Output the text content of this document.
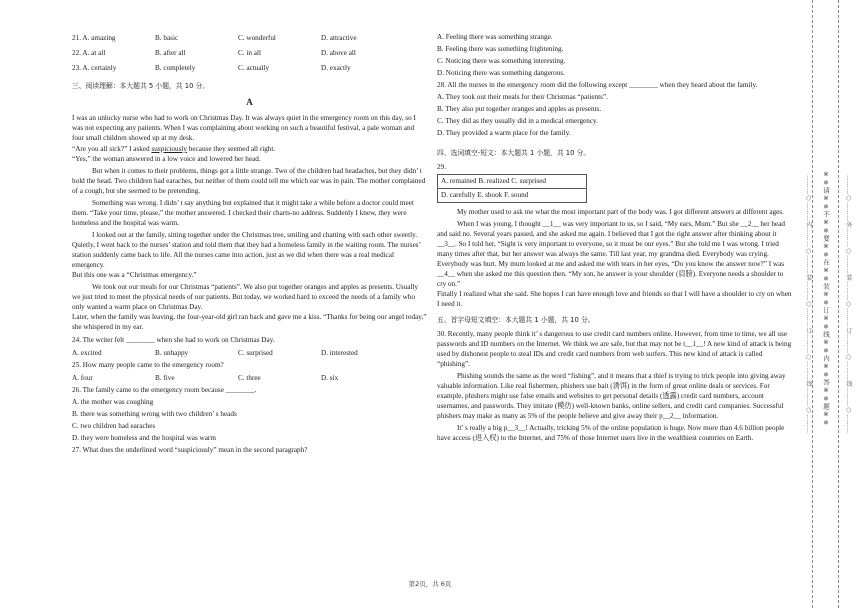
21. A. amazing	B. basic	C. wonderful	D. attractive
22. A. at all	B. after all	C. in all	D. above all
23. A. certainly	B. completely	C. actually	D. exactly
三、阅读理解：本大题共 5 小题，共 10 分。
A
I was an unlucky nurse who had to work on Christmas Day. It was always quiet in the emergency room on this day, so I was not expecting any patients. When I was complaining about working on such a beautiful festival, a pale woman and four small children showed up at my desk.
“Are you all sick?” I asked suspiciously because they seemed all right.
“Yes,” the woman answered in a low voice and lowered her head.
But when it comes to their problems, things got a little strange. Two of the children had headaches, but they didn’ t hold the head. Two children had earaches, but neither of them could tell me which ear was in pain. The mother complained of a cough, but she seemed to be pretending.
Something was wrong. I didn’ t say anything but explained that it might take a while before a doctor could meet them. “Take your time, please,” the mother answered. I checked their charts-no address. Suddenly I knew, they were homeless and the hospital was warm.
I looked out at the family, sitting together under the Christmas tree, smiling and chatting with each other sweetly. Quietly, I went back to the nurses’ station and told them that they had a homeless family in the waiting room. The nurses’ station suddenly came back to life. All the nurses came into action, just as we did when there was a real medical emergency.
But this one was a “Christmas emergency.”
We took out our meals for our Christmas “patients”. We also put together oranges and apples as presents. Usually we just tried to meet the physical needs of our patients. But today, we worked hard to exceed the needs of a family who only wanted a warm place on Christmas Day.
Later, when the family was leaving, the four-year-old girl ran back and gave me a kiss. “Thanks for being our angel today,” she whispered in my ear.
24. The writer felt ________ when she had to work on Christmas Day.
A. excited	B. unhappy	C. surprised	D. interested
25. How many people came to the emergency room?
A. four	B. five	C. three	D. six
26. The family came to the emergency room because ________.
A. the mother was coughing
B. there was something wrong with two children’ s heads
C. two children had earaches
D. they were homeless and the hospital was warm
27. What does the underlined word “suspiciously” mean in the second paragraph?
A. Feeling there was something strange.
B. Feeling there was something frightening.
C. Noticing there was something interesting.
D. Noticing there was something dangerous.
28. All the nurses in the emergency room did the following except ________ when they heard about the family.
A. They took out their meals for their Christmas “patients”.
B. They also put together oranges and apples as presents.
C. They did as they usually did in a medical emergency.
D. They provided a warm place for the family.
四、选词填空-短文：本大题共 1 小题，共 10 分。
29.
A. remained B. realized C. surprised
D. carefully E. shook F. sound
My mother used to ask me what the most important part of the body was. I got different answers at different ages.
When I was young, I thought __1__ was very important to us, so I said, “My ears, Mum.” But she __2__ her head and said no. Several years passed, and she asked me again. I believed that I got the right answer after thinking about it __3__. So I told her, “Sight is very important to everyone, so it must be our eyes.” But she told me I was wrong. I tried many times after that, but her answer was always the same. Till last year, my grandma died. Everybody was crying. Everybody was hurt. My mum looked at me and asked me with tears in her eyes, “Do you know the answer now?” I was __4__ when she asked me this question then. “My son, he answer is your shoulder (肩膀). Everyone needs a shoulder to cry on.”
Finally I realized what she said. She hopes I can have enough love and friends so that I will have a shoulder to cry on when I need it.
五、首字母短文填空：本大题共 1 小题，共 10 分。
30. Recently, many people think it’ s dangerous to use credit card numbers online. However, from time to time, we all use passwords and ID numbers on the Internet. We think we are safe, but that may not be t__1__! A new kind of attack is being used by dishonest people to steal IDs and credit card numbers from web surfers. This new kind of attack is called “phishing”.
Phishing sounds the same as the word “fishing”, and it means that a thief is trying to trick people into giving away valuable information. Like real fishermen, phishers use bait (诱饵) in the form of great online deals or services. For example, phishers might use false emails and websites to get personal details (透露) credit card numbers, account usernames, and passwords. They imitate (模仿) well-known banks, online sellers, and credit card companies. Successful phishers may make as many as 5% of the people believe and give away their p__2__ information.
It’ s really a big p__3__! Actually, tricking 5% of the online population is huge. Now more than 4.6 billion people have access (进入权) to the Internet, and 75% of those Internet users live in the wealthiest countries on Earth.
………○………内………○………装………○………订………○………线………○……… ※※请※※不※※要※※在※※装※※订※※线※※内※※答※※题※※	………○………外………○………装………○………订………○………线………○………
第2页，共 6页
